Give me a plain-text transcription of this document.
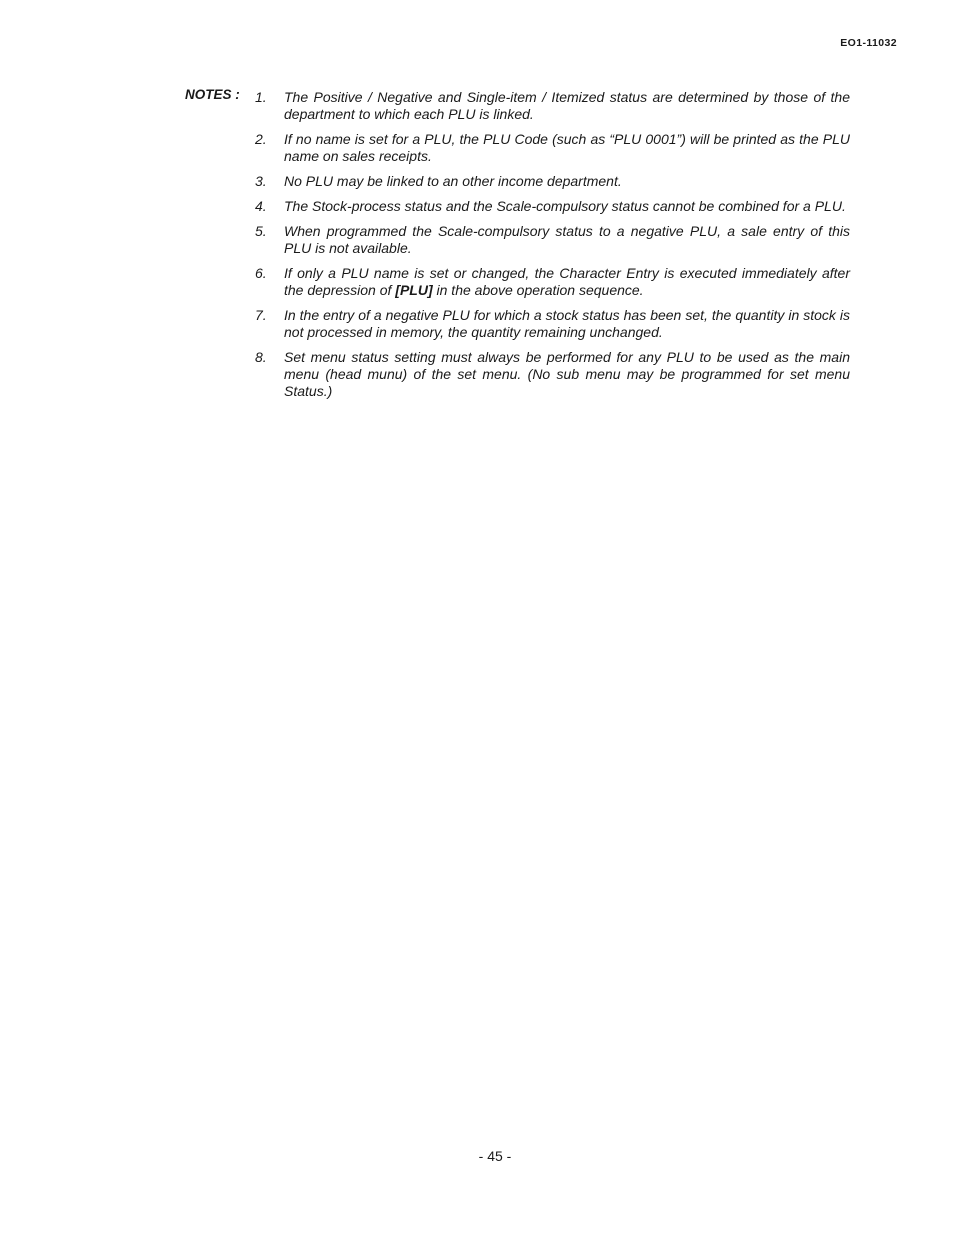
EO1-11032
NOTES : 1.	The Positive / Negative and Single-item / Itemized status are determined by those of the department to which each PLU is linked.
2.	If no name is set for a PLU, the PLU Code (such as “PLU 0001”) will be printed as the PLU name on sales receipts.
3.	No PLU may be linked to an other income department.
4.	The Stock-process status and the Scale-compulsory status cannot be combined for a PLU.
5.	When programmed the Scale-compulsory status to a negative PLU, a sale entry of this PLU is not available.
6.	If only a PLU name is set or changed, the Character Entry is executed immediately after the depression of [PLU] in the above operation sequence.
7.	In the entry of a negative PLU for which a stock status has been set, the quantity in stock is not processed in memory, the quantity remaining unchanged.
8.	Set menu status setting must always be performed for any PLU to be used as the main menu (head munu) of the set menu. (No sub menu may be programmed for set menu Status.)
- 45 -
